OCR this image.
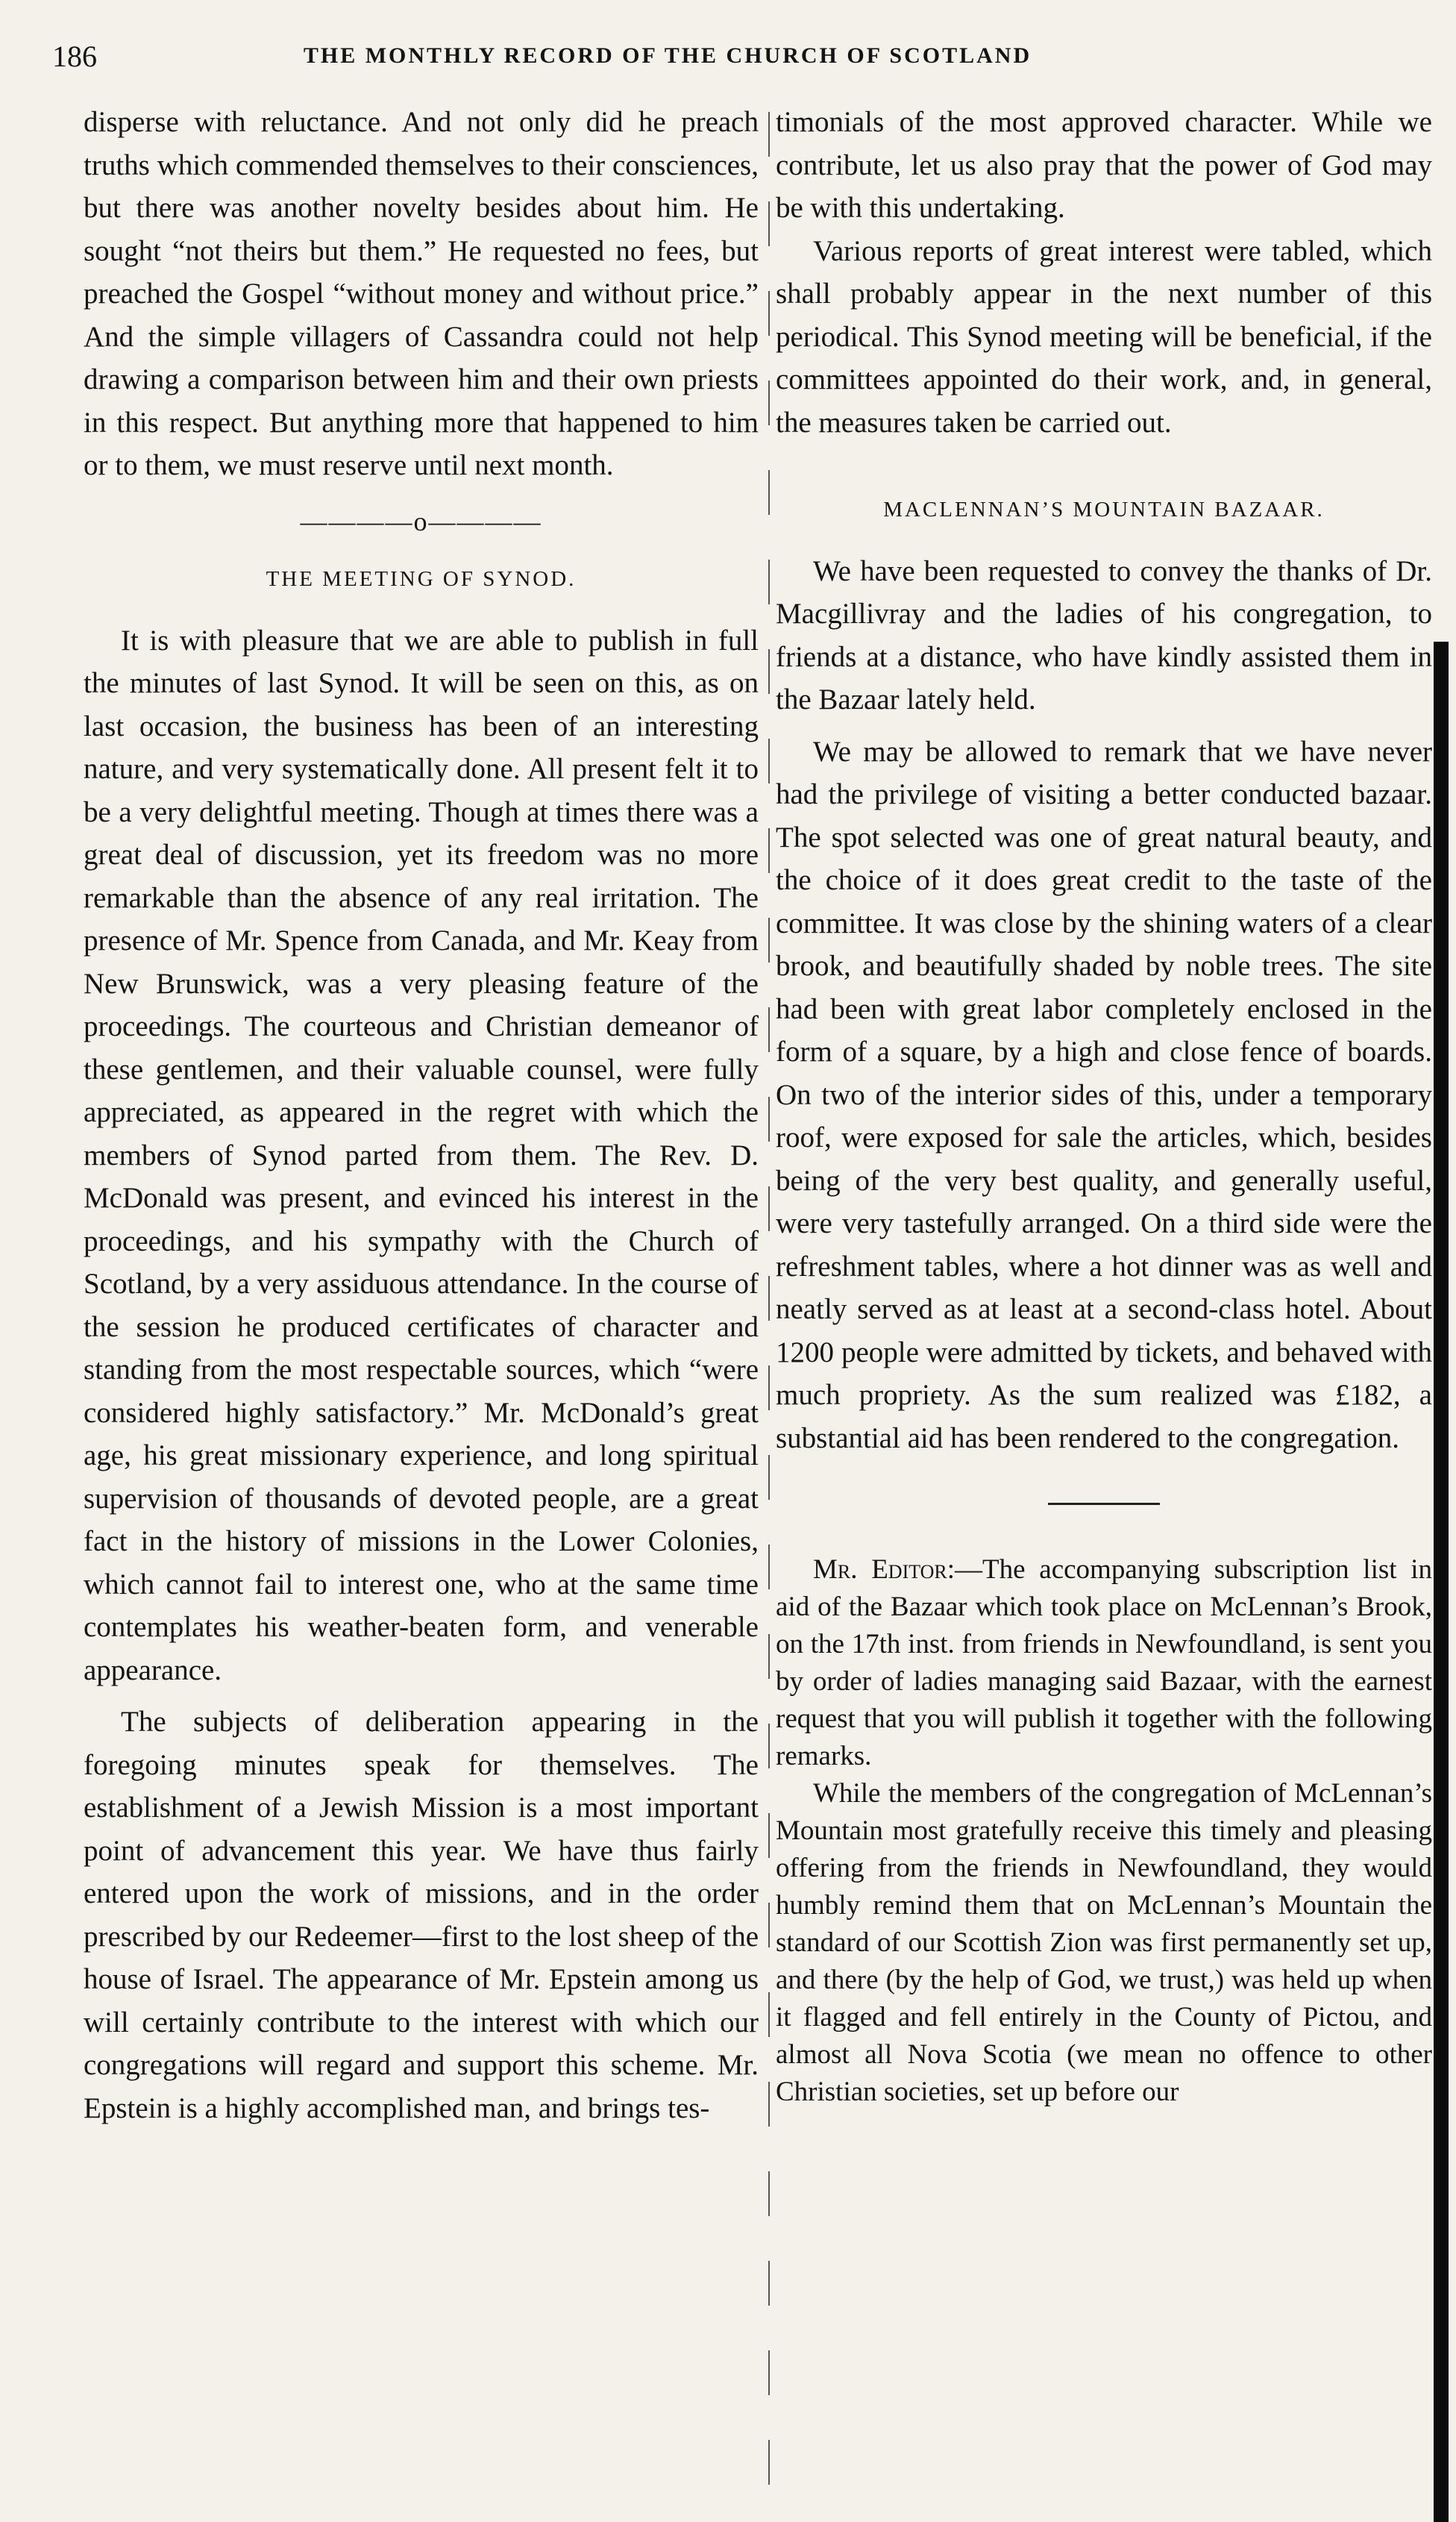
186	THE MONTHLY RECORD OF THE CHURCH OF SCOTLAND

disperse with reluctance. And not only did he preach truths which commended themselves to their consciences, but there was another novelty besides about him. He sought “not theirs but them.” He requested no fees, but preached the Gospel “without money and without price.” And the simple villagers of Cassandra could not help drawing a comparison between him and their own priests in this respect. But anything more that happened to him or to them, we must reserve until next month.

————o————
THE MEETING OF SYNOD.

It is with pleasure that we are able to publish in full the minutes of last Synod. It will be seen on this, as on last occasion, the business has been of an interesting nature, and very systematically done. All present felt it to be a very delightful meeting. Though at times there was a great deal of discussion, yet its freedom was no more remarkable than the absence of any real irritation. The presence of Mr. Spence from Canada, and Mr. Keay from New Brunswick, was a very pleasing feature of the proceedings. The courteous and Christian demeanor of these gentlemen, and their valuable counsel, were fully appreciated, as appeared in the regret with which the members of Synod parted from them. The Rev. D. McDonald was present, and evinced his interest in the proceedings, and his sympathy with the Church of Scotland, by a very assiduous attendance. In the course of the session he produced certificates of character and standing from the most respectable sources, which “were considered highly satisfactory.” Mr. McDonald’s great age, his great missionary experience, and long spiritual supervision of thousands of devoted people, are a great fact in the history of missions in the Lower Colonies, which cannot fail to interest one, who at the same time contemplates his weather-beaten form, and venerable appearance.

The subjects of deliberation appearing in the foregoing minutes speak for themselves. The establishment of a Jewish Mission is a most important point of advancement this year. We have thus fairly entered upon the work of missions, and in the order prescribed by our Redeemer—first to the lost sheep of the house of Israel. The appearance of Mr. Epstein among us will certainly contribute to the interest with which our congregations will regard and support this scheme. Mr. Epstein is a highly accomplished man, and brings tes-

timonials of the most approved character. While we contribute, let us also pray that the power of God may be with this undertaking.

Various reports of great interest were tabled, which shall probably appear in the next number of this periodical. This Synod meeting will be beneficial, if the committees appointed do their work, and, in general, the measures taken be carried out.

MACLENNAN’S MOUNTAIN BAZAAR.

We have been requested to convey the thanks of Dr. Macgillivray and the ladies of his congregation, to friends at a distance, who have kindly assisted them in the Bazaar lately held.

We may be allowed to remark that we have never had the privilege of visiting a better conducted bazaar. The spot selected was one of great natural beauty, and the choice of it does great credit to the taste of the committee. It was close by the shining waters of a clear brook, and beautifully shaded by noble trees. The site had been with great labor completely enclosed in the form of a square, by a high and close fence of boards. On two of the interior sides of this, under a temporary roof, were exposed for sale the articles, which, besides being of the very best quality, and generally useful, were very tastefully arranged. On a third side were the refreshment tables, where a hot dinner was as well and neatly served as at least at a second-class hotel. About 1200 people were admitted by tickets, and behaved with much propriety. As the sum realized was £182, a substantial aid has been rendered to the congregation.

Mr. Editor:—The accompanying subscription list in aid of the Bazaar which took place on McLennan’s Brook, on the 17th inst. from friends in Newfoundland, is sent you by order of ladies managing said Bazaar, with the earnest request that you will publish it together with the following remarks.

While the members of the congregation of McLennan’s Mountain most gratefully receive this timely and pleasing offering from the friends in Newfoundland, they would humbly remind them that on McLennan’s Mountain the standard of our Scottish Zion was first permanently set up, and there (by the help of God, we trust,) was held up when it flagged and fell entirely in the County of Pictou, and almost all Nova Scotia (we mean no offence to other Christian societies, set up before our
